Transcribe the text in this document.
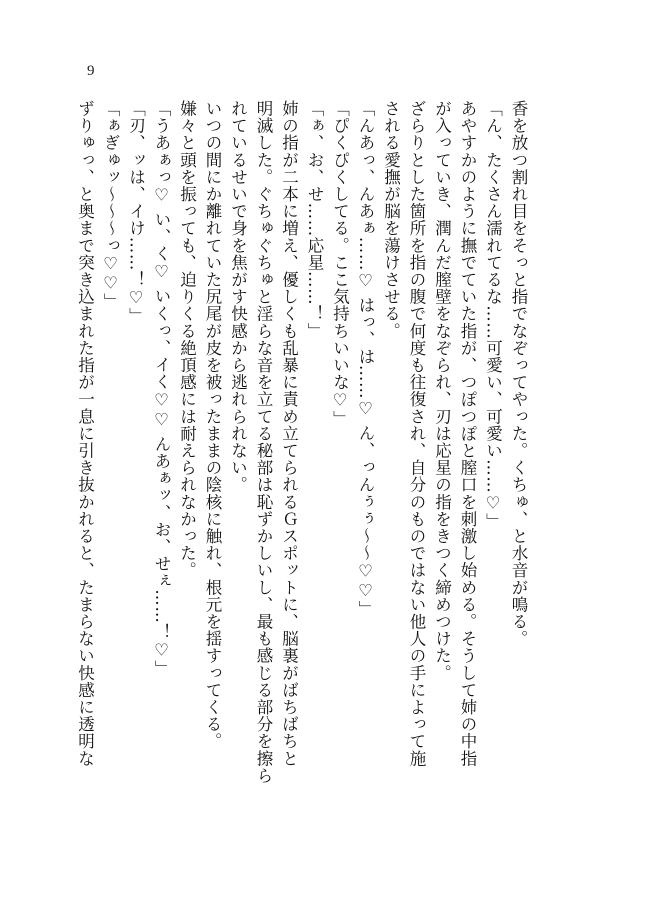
9
香を放つ割れ目をそっと指でなぞってやった。くちゅ、と水音が鳴る。
「ん、たくさん濡れてるな……可愛い、可愛い……♡」
あやすかのように撫でていた指が、つぽつぽと膣口を刺激し始める。そうして姉の中指
が入っていき、潤んだ膣壁をなぞられ、刃は応星の指をきつく締めつけた。
ざらりとした箇所を指の腹で何度も往復され、自分のものではない他人の手によって施
される愛撫が脳を蕩けさせる。
「んあっ、んあぁ……♡ はっ、は……♡ ん、っんぅぅ〜〜♡♡」
「ぴくぴくしてる。ここ気持ちいいな♡」
「ぁ、お、せ……応星……！」
姉の指が二本に増え、優しくも乱暴に責め立てられるＧスポットに、脳裏がばちばちと
明滅した。ぐちゅぐちゅと淫らな音を立てる秘部は恥ずかしいし、最も感じる部分を擦ら
れているせいで身を焦がす快感から逃れられない。
いつの間にか離れていた尻尾が皮を被ったままの陰核に触れ、根元を揺すってくる。
嫌々と頭を振っても、迫りくる絶頂感には耐えられなかった。
「うあぁっ♡ い、く♡ いくっ、イく♡♡ んあぁッ、お、せぇ……！♡」
「刃、ッは、イけ……！♡」
「ぁぎゅッ〜〜〜っ♡♡」
ずりゅっ、と奥まで突き込まれた指が一息に引き抜かれると、たまらない快感に透明な
